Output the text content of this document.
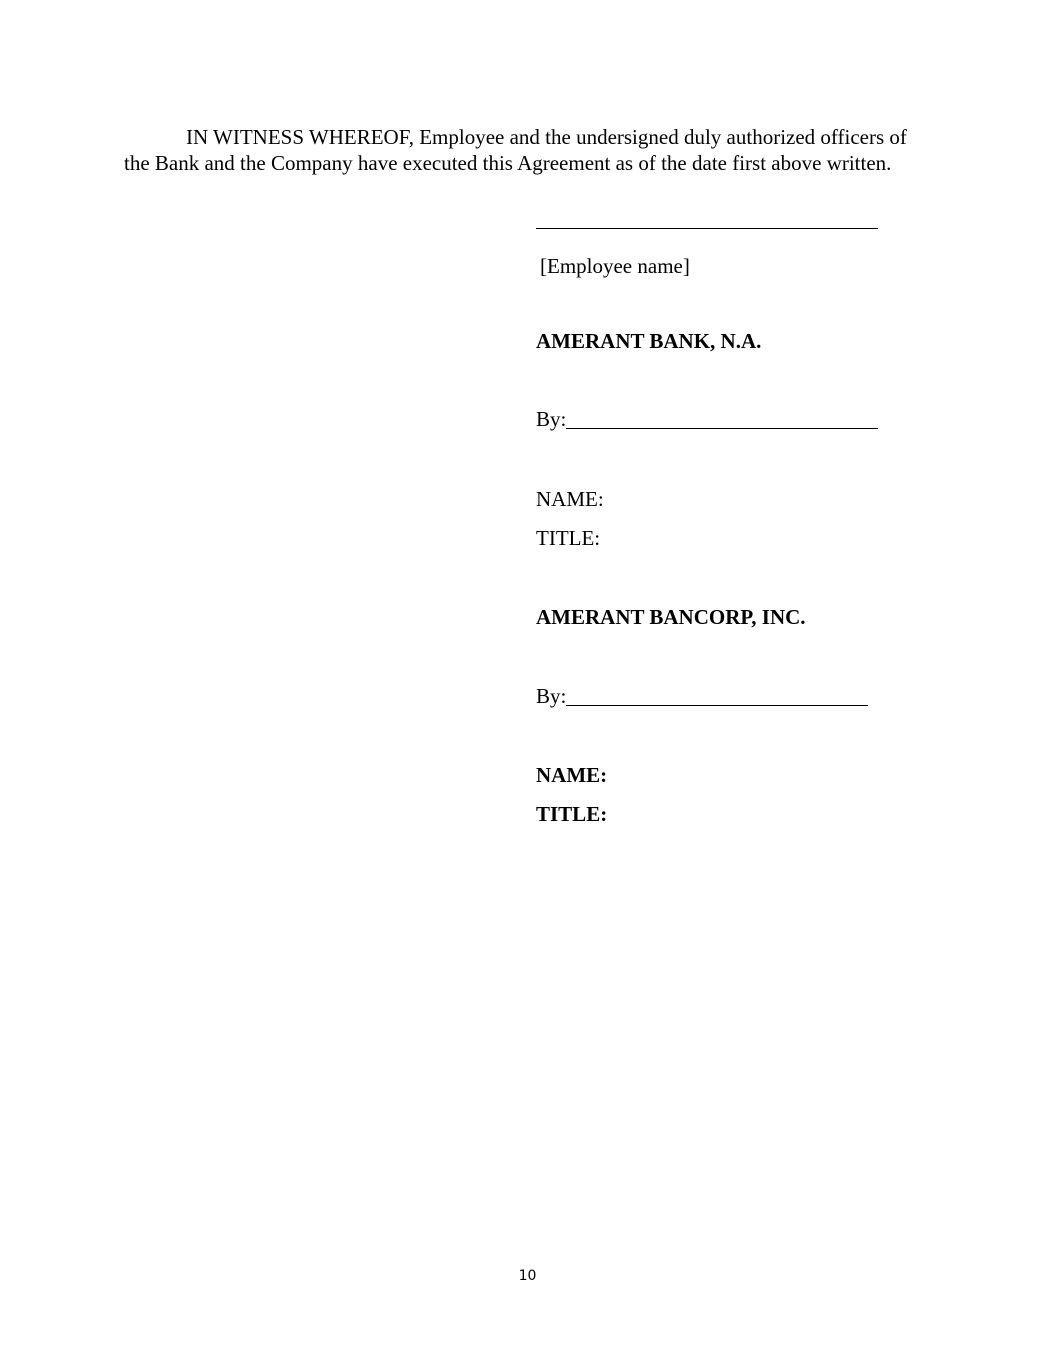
IN WITNESS WHEREOF, Employee and the undersigned duly authorized officers of the Bank and the Company have executed this Agreement as of the date first above written.

[Employee name]

AMERANT BANK, N.A.

By:

NAME:

TITLE:

AMERANT BANCORP, INC.

By:

NAME:

TITLE:

10
